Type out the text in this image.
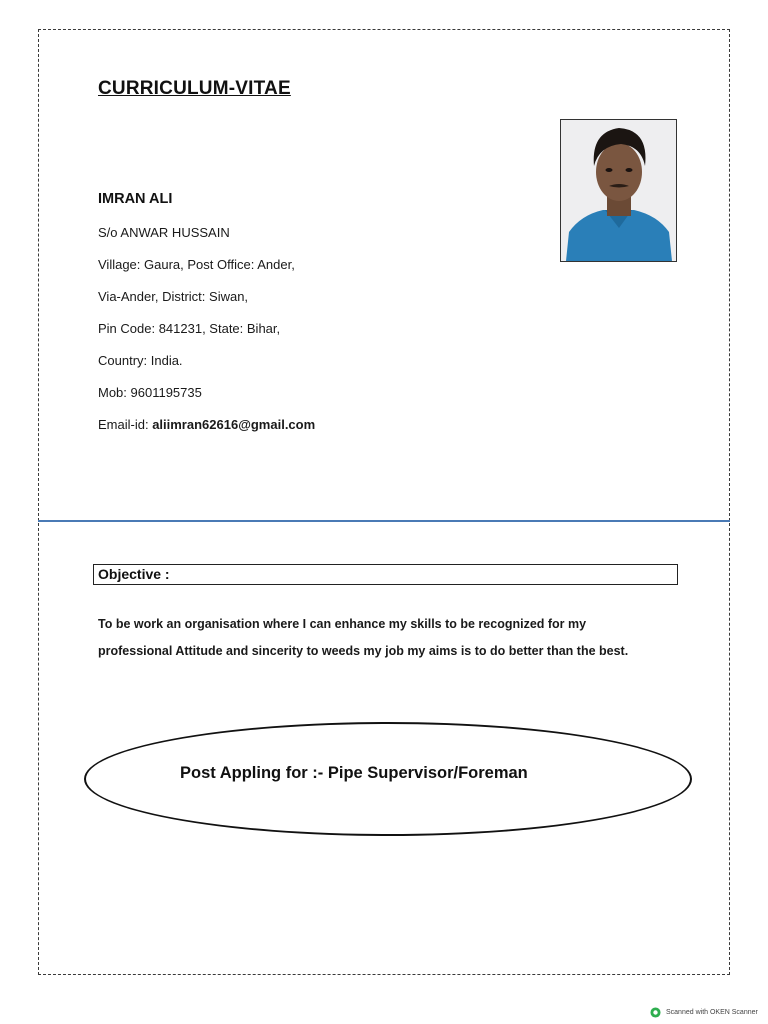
CURRICULUM-VITAE
IMRAN ALI
S/o ANWAR HUSSAIN
Village: Gaura, Post Office: Ander,
Via-Ander, District: Siwan,
Pin Code: 841231, State: Bihar,
Country: India.
Mob: 9601195735
Email-id: aliimran62616@gmail.com
Objective :
To be work an organisation where I can enhance my skills to be recognized for my
professional Attitude and sincerity to weeds my job my aims is to do better than the best.
Post Appling for :- Pipe Supervisor/Foreman
Scanned with OKEN Scanner
